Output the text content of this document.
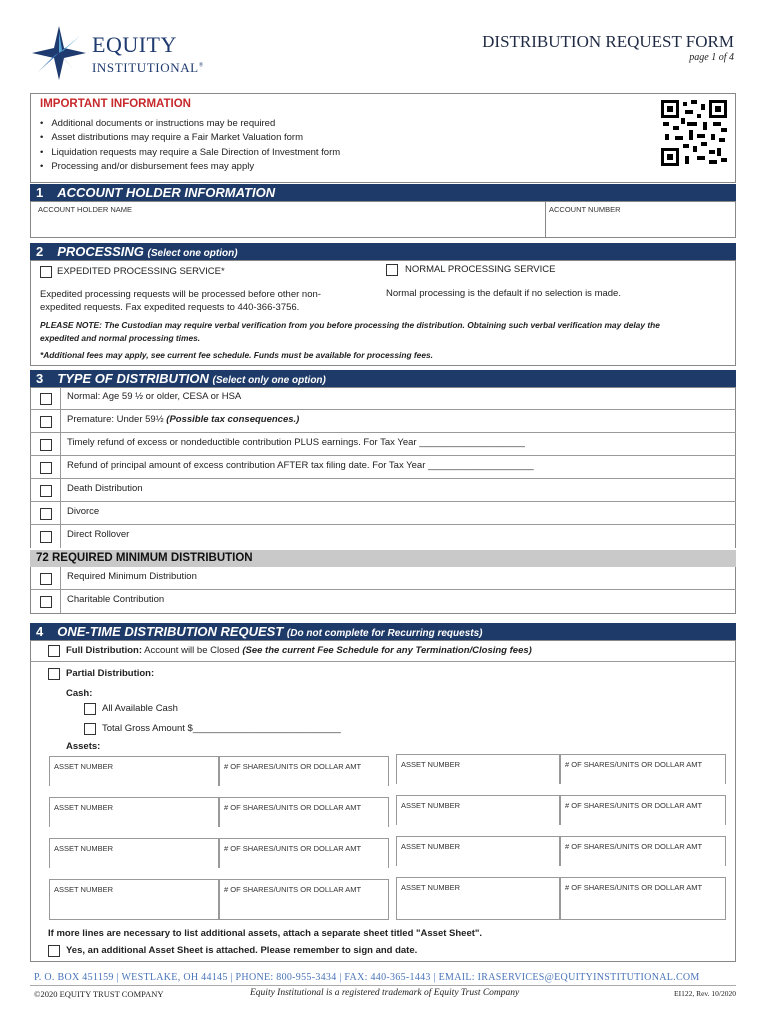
EQUITY
INSTITUTIONAL®
DISTRIBUTION REQUEST FORM
page 1 of 4
IMPORTANT INFORMATION
• Additional documents or instructions may be required
• Asset distributions may require a Fair Market Valuation form
• Liquidation requests may require a Sale Direction of Investment form
• Processing and/or disbursement fees may apply
1 ACCOUNT HOLDER INFORMATION
ACCOUNT HOLDER NAME	ACCOUNT NUMBER
2 PROCESSING (Select one option)
EXPEDITED PROCESSING SERVICE*	NORMAL PROCESSING SERVICE
Expedited processing requests will be processed before other non-
expedited requests. Fax expedited requests to 440-366-3756.
Normal processing is the default if no selection is made.
PLEASE NOTE: The Custodian may require verbal verification from you before processing the distribution. Obtaining such verbal verification may delay the
expedited and normal processing times.
*Additional fees may apply, see current fee schedule. Funds must be available for processing fees.
3 TYPE OF DISTRIBUTION (Select only one option)
Normal: Age 59 ½ or older, CESA or HSA
Premature: Under 59½ (Possible tax consequences.)
Timely refund of excess or nondeductible contribution PLUS earnings. For Tax Year ____________________
Refund of principal amount of excess contribution AFTER tax filing date. For Tax Year ____________________
Death Distribution
Divorce
Direct Rollover
72 REQUIRED MINIMUM DISTRIBUTION
Required Minimum Distribution
Charitable Contribution
4 ONE-TIME DISTRIBUTION REQUEST (Do not complete for Recurring requests)
Full Distribution: Account will be Closed (See the current Fee Schedule for any Termination/Closing fees)
Partial Distribution:
Cash:
All Available Cash
Total Gross Amount $____________________________
Assets:
ASSET NUMBER	# OF SHARES/UNITS OR DOLLAR AMT
ASSET NUMBER	# OF SHARES/UNITS OR DOLLAR AMT
ASSET NUMBER	# OF SHARES/UNITS OR DOLLAR AMT
ASSET NUMBER	# OF SHARES/UNITS OR DOLLAR AMT
ASSET NUMBER	# OF SHARES/UNITS OR DOLLAR AMT
ASSET NUMBER	# OF SHARES/UNITS OR DOLLAR AMT
ASSET NUMBER	# OF SHARES/UNITS OR DOLLAR AMT
ASSET NUMBER	# OF SHARES/UNITS OR DOLLAR AMT
If more lines are necessary to list additional assets, attach a separate sheet titled "Asset Sheet".
Yes, an additional Asset Sheet is attached. Please remember to sign and date.
P. O. BOX 451159 | WESTLAKE, OH 44145 | PHONE: 800-955-3434 | FAX: 440-365-1443 | EMAIL: IRASERVICES@EQUITYINSTITUTIONAL.COM
©2020 EQUITY TRUST COMPANY	Equity Institutional is a registered trademark of Equity Trust Company	EI122, Rev. 10/2020
